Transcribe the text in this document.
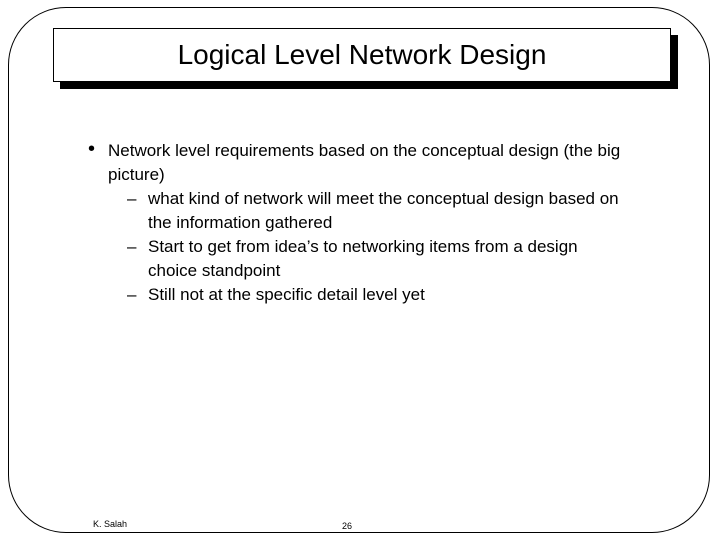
Logical Level Network Design
• Network level requirements based on the conceptual design (the big picture)
– what kind of network will meet the conceptual design based on the information gathered
– Start to get from idea’s to networking items from a design choice standpoint
– Still not at the specific detail level yet
K. Salah	26
